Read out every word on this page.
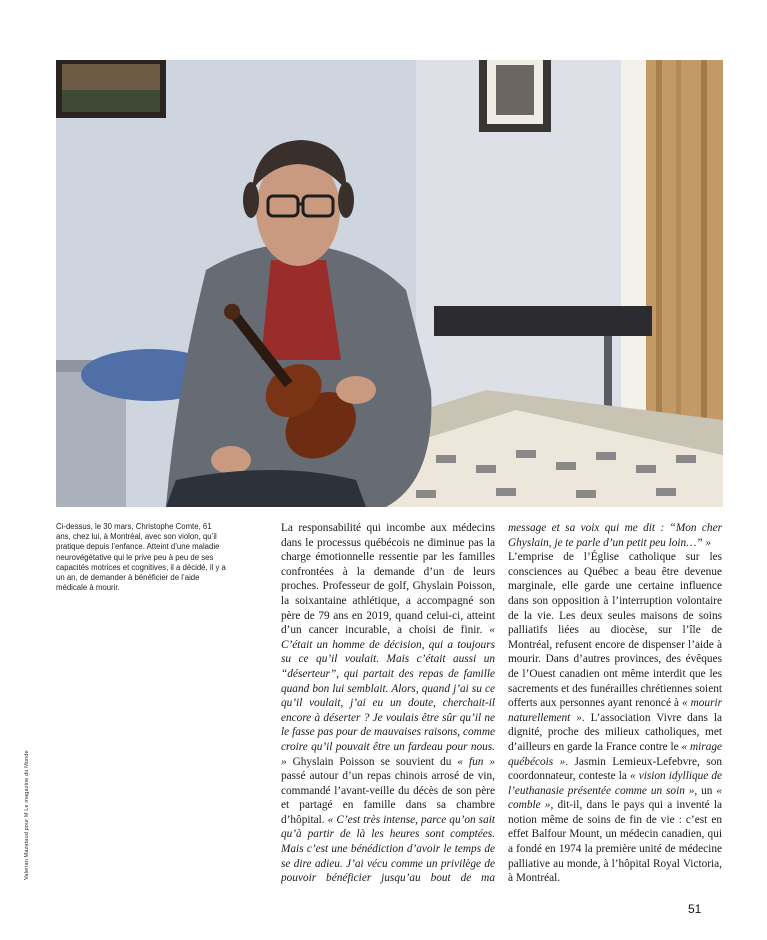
Ci-dessus, le 30 mars, Christophe Comte, 61 ans, chez lui, à Montréal, avec son violon, qu’il pratique depuis l’enfance. Atteint d’une maladie neurovégétative qui le prive peu à peu de ses capacités motrices et cognitives, il a décidé, il y a un an, de demander à bénéficier de l’aide médicale à mourir.

Valerian Mazataud pour M Le magazine du Monde

La responsabilité qui incombe aux médecins dans le processus québécois ne diminue pas la charge émotionnelle ressentie par les familles confrontées à la demande d’un de leurs proches. Professeur de golf, Ghyslain Poisson, la soixantaine athlétique, a accompagné son père de 79 ans en 2019, quand celui-ci, atteint d’un cancer incurable, a choisi de finir. « C’était un homme de décision, qui a toujours su ce qu’il voulait. Mais c’était aussi un “déserteur”, qui partait des repas de famille quand bon lui semblait. Alors, quand j’ai su ce qu’il voulait, j’ai eu un doute, cherchait-il encore à déserter ? Je voulais être sûr qu’il ne le fasse pas pour de mauvaises raisons, comme croire qu’il pouvait être un fardeau pour nous. » Ghyslain Poisson se souvient du « fun » passé autour d’un repas chinois arrosé de vin, commandé l’avant-veille du décès de son père et partagé en famille dans sa chambre d’hôpital. « C’est très intense, parce qu’on sait qu’à partir de là les heures sont comptées. Mais c’est une bénédiction d’avoir le temps de se dire adieu. J’ai vécu comme un privilège de pouvoir bénéficier jusqu’au bout de ma

message et sa voix qui me dit : “Mon cher Ghyslain, je te parle d’un petit peu loin…” »

L’emprise de l’Église catholique sur les consciences au Québec a beau être devenue marginale, elle garde une certaine influence dans son opposition à l’interruption volontaire de la vie. Les deux seules maisons de soins palliatifs liées au diocèse, sur l’île de Montréal, refusent encore de dispenser l’aide à mourir. Dans d’autres provinces, des évêques de l’Ouest canadien ont même interdit que les sacrements et des funérailles chrétiennes soient offerts aux personnes ayant renoncé à « mourir naturellement ». L’association Vivre dans la dignité, proche des milieux catholiques, met d’ailleurs en garde la France contre le « mirage québécois ». Jasmin Lemieux-Lefebvre, son coordonnateur, conteste la « vision idyllique de l’euthanasie présentée comme un soin », un « comble », dit-il, dans le pays qui a inventé la notion même de soins de fin de vie : c’est en effet Balfour Mount, un médecin canadien, qui a fondé en 1974 la première unité de médecine palliative au monde, à l’hôpital Royal Victoria, à Montréal.

51
